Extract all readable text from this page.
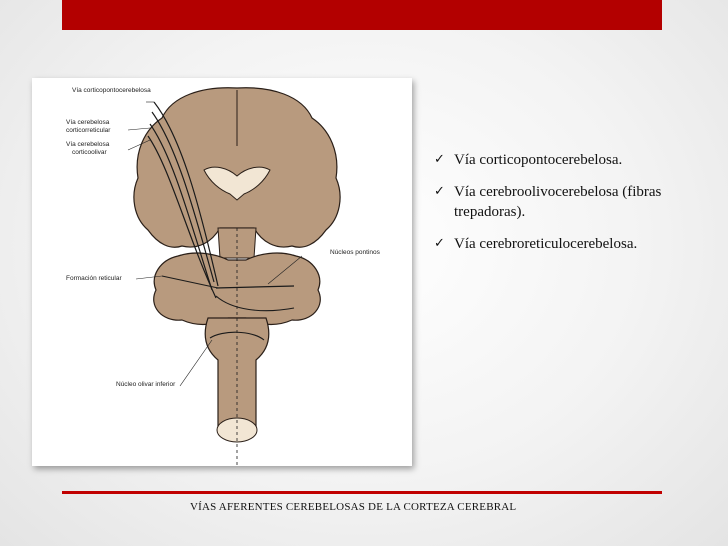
Vía corticopontocerebelosa
Vía cerebelosa
corticorreticular
Vía cerebelosa
corticoolivar
Núcleos pontinos
Formación reticular
Núcleo olivar inferior
✓ Vía corticopontocerebelosa.
✓ Vía cerebroolivocerebelosa (fibras trepadoras).
✓ Vía cerebroreticulocerebelosa.
VÍAS AFERENTES CEREBELOSAS DE LA CORTEZA CEREBRAL
